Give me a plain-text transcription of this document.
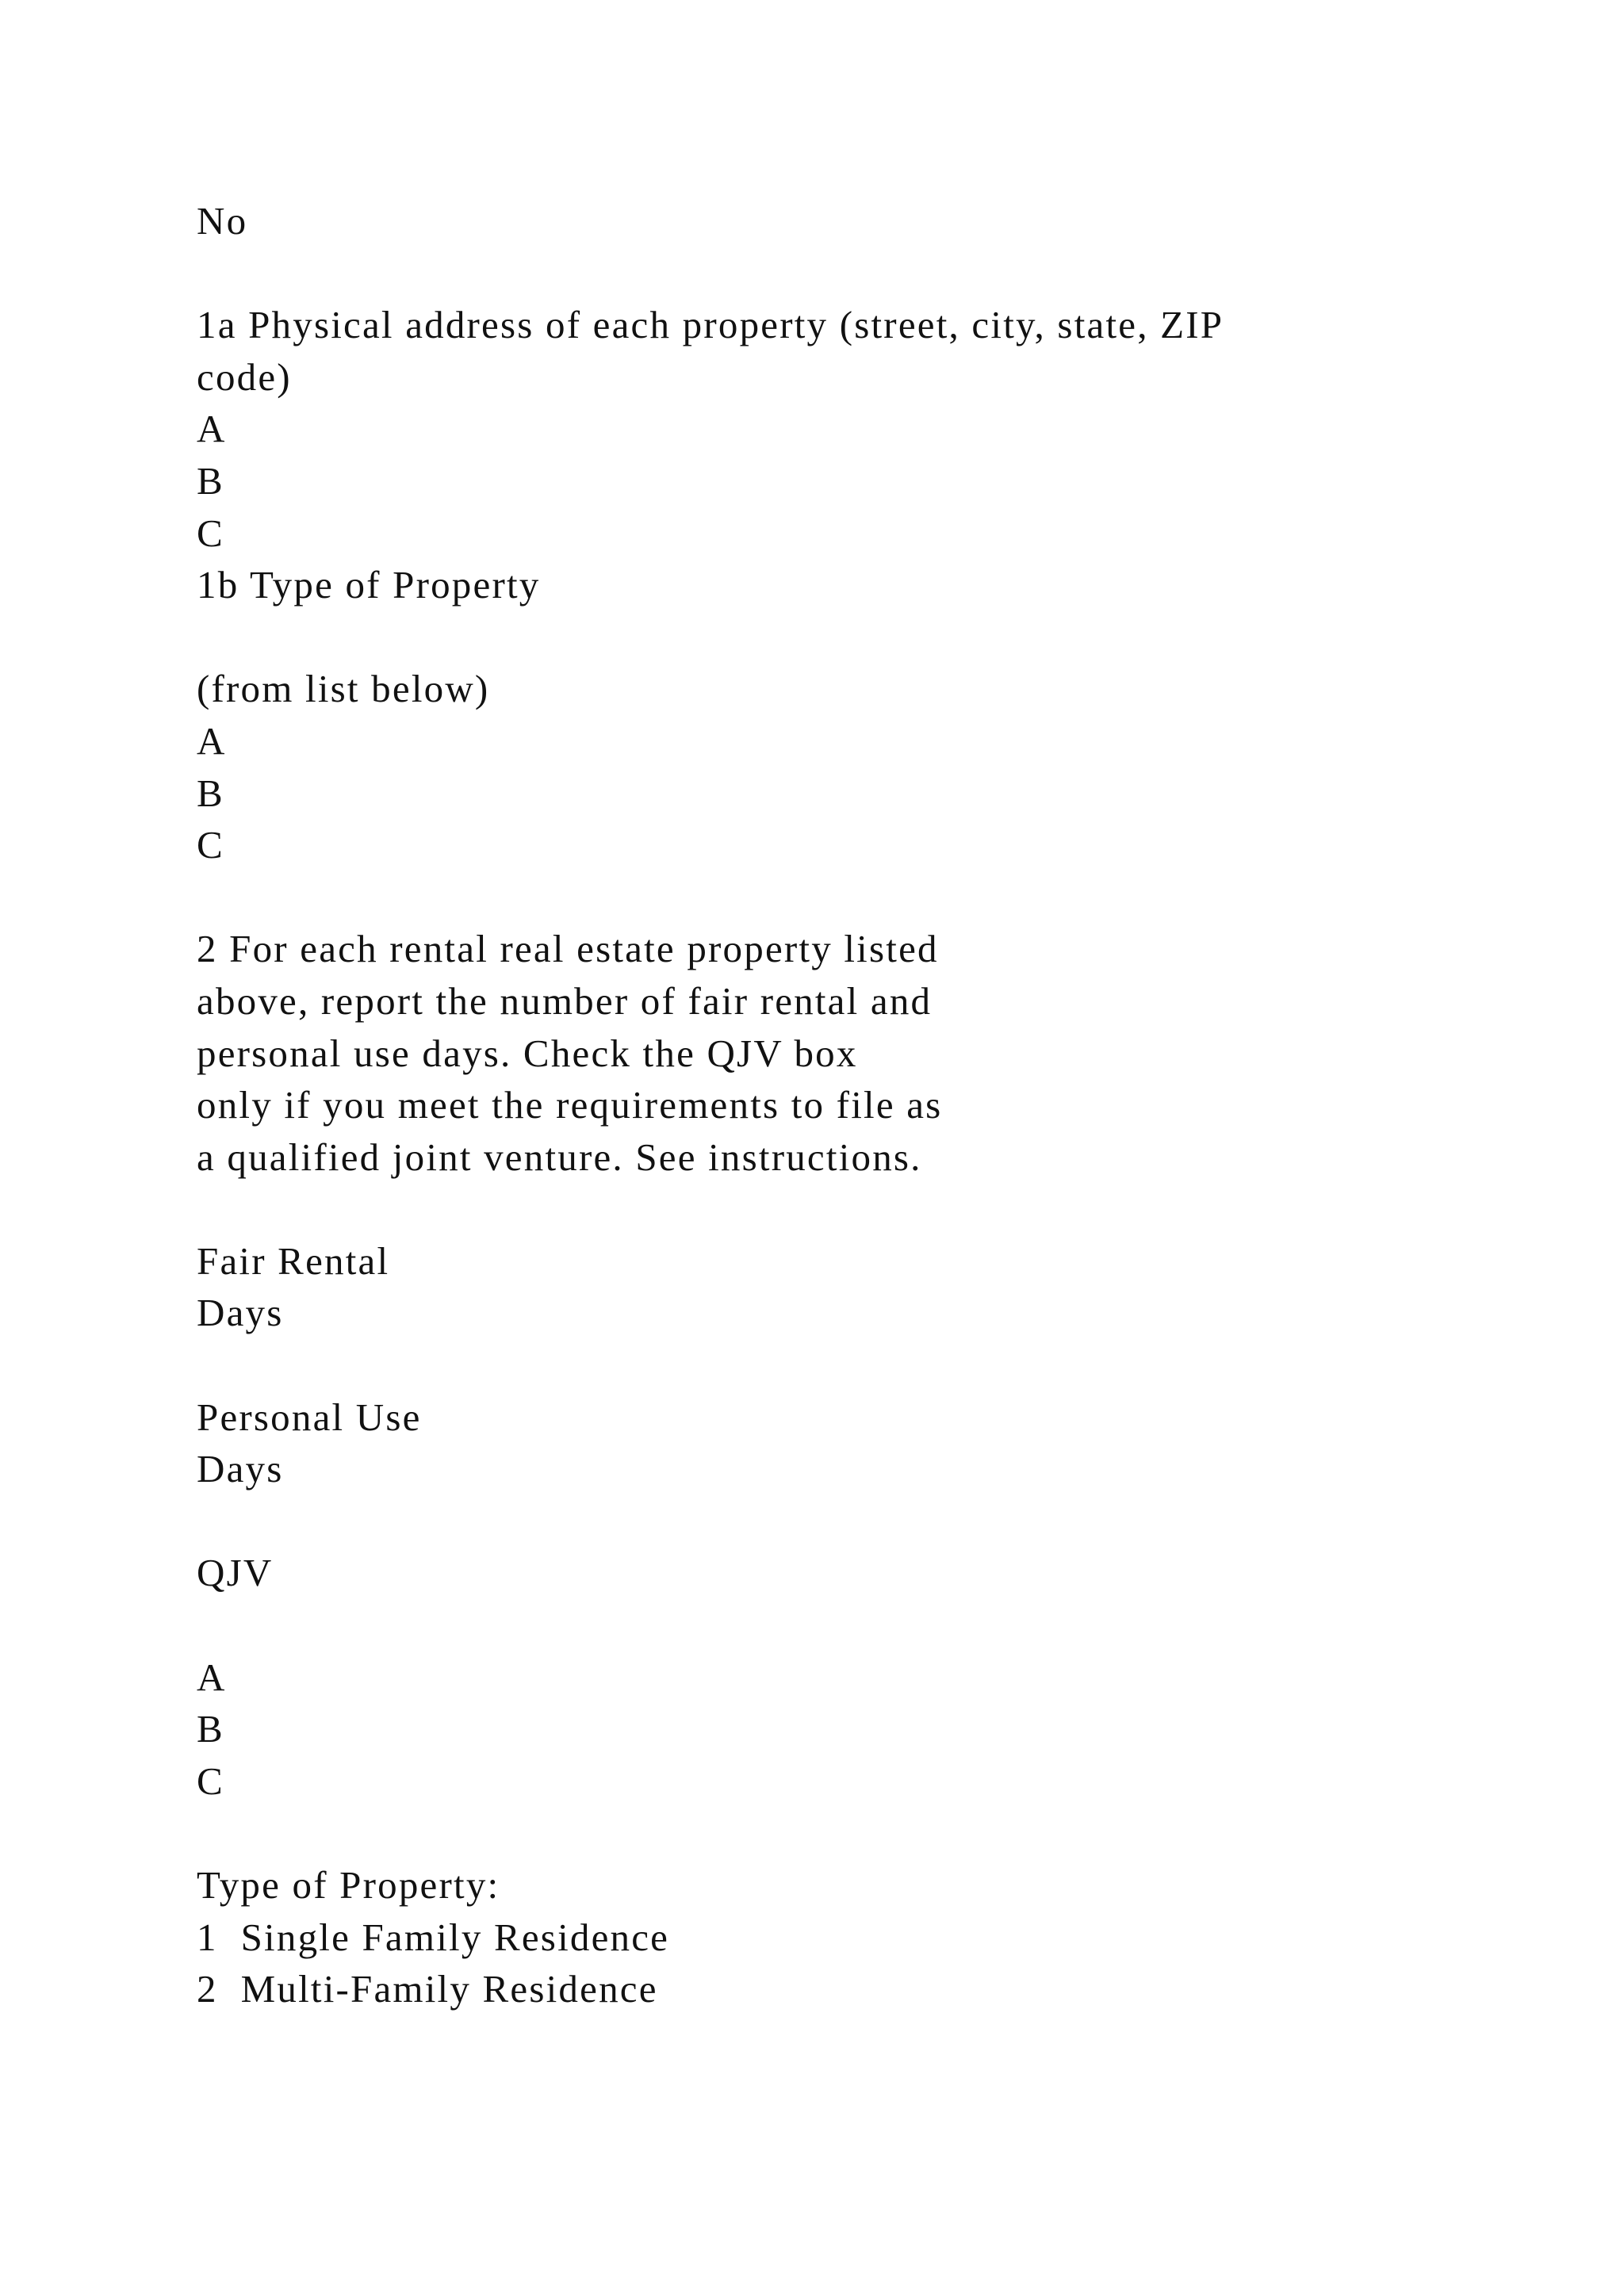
No
1a Physical address of each property (street, city, state, ZIP
code)
A
B
C
1b Type of Property
(from list below)
A
B
C
2 For each rental real estate property listed
above, report the number of fair rental and
personal use days. Check the QJV box
only if you meet the requirements to file as
a qualified joint venture. See instructions.
Fair Rental
Days
Personal Use
Days
QJV
A
B
C
Type of Property:
1  Single Family Residence
2  Multi-Family Residence
